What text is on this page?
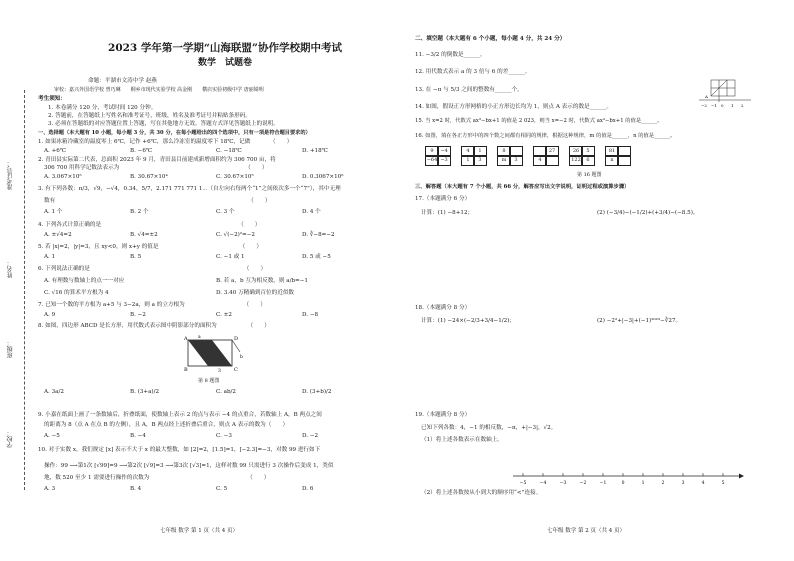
学校：
班级：
姓名：
准考证号：
2023 学年第一学期“山海联盟”协作学校期中考试
数学　试题卷
命题：平湖市文涛中学 赵燕
审校：嘉兴外国语学校 曾巧琳　　桐乡市现代实验学校 高金刚　　横店实验初级中学 唐丽婧明
考生须知：
1. 本卷满分 120 分，考试时间 120 分钟。
2. 答题前，在答题纸上写姓名和准考证号，班级，姓名及准考证号并粘贴条形码。
3. 必须在答题纸的对应答题位置上答题，写在其他地方无效。答题方式详见答题纸上的说明。
一、选择题（本大题有 10 小题，每小题 3 分，共 30 分，在每小题给出的四个选项中，只有一项是符合题目要求的）
1. 如果冰箱冷藏室的温度零上 6℃，记作 +6℃，那么冷冻室的温度零下 18℃，记做　　　　（　　）
A. +6℃	B. −6℃	C. −18℃	D. +18℃
2. 青田县实际第二代表，总面积 2023 年 9 月，青田县目前建成新增面积约为 306 700 亩，将
306 700 用科学记数法表示为　　　　　　　　　　　　　　　　　　　　　　　（　　）
A. 3.067×10⁵	B. 30.67×10⁴	C. 30.67×10⁵	D. 0.3067×10⁶
3. 有下列各数：π/3，√9，−√4，0.34，5/7，2.171 771 771 1⋯（自左向右每两个“1”之间依次多一个“7”），其中无理
数有　　　　　　　　　　　　　　　　　　　　　　　　　　　　　　　　　　　（　　）
A. 1 个	B. 2 个	C. 3 个	D. 4 个
4. 下列各式计算正确的是　　　　　　　　　　　　　　　　　　　　　　　　　（　　）
A. ±√4=2	B. √4=±2	C. √(−2)²=−2	D. ∛−8=−2
5. 若 |x|=2，|y|=3，且 xy<0，则 x+y 的值是　　　　　　　　　　　　　　　（　　）
A. 1	B. 5	C. −1 或 1	D. 5 或 −5
6. 下列说法正确的是　　　　　　　　　　　　　　　　　　　　　　　　　　　　（　　）
A. 有理数与数轴上的点一一对应	B. 若 a，b 互为相反数，则 a/b=−1
C. √16 的算术平方根为 4	D. 3.40 万精确到百位的近似数
7. 已知一个数的平方根为 a+5 与 3−2a，则 a 的立方根为　　　　　　　　　　　（　　）
A. 9	B. −2	C. ±2	D. −8
8. 如图，四边形 ABCD 是长方形，用代数式表示图中阴影部分的面积为　　　　　　（　　）
A	D
B	C
a
b
3
第 8 题图
A. 3a/2	B. (3+a)/2	C. ab/2	D. (3+b)/2
9. 小嘉在纸面上画了一条数轴后，折叠纸面，使数轴上表示 2 的点与表示 −4 的点重合，若数轴上 A，B 两点之间
的距离为 8（点 A 在点 B 的左侧），且 A，B 两点经上述折叠后重合，则点 A 表示的数为（　　）
A. −5	B. −4	C. −3	D. −2
10. 对于实数 x，我们规定 [x] 表示不大于 x 的最大整数，如 [2]=2，[1.5]=1，[−2.3]=−3，对数 99 进行如下
操作：99 ⟶第1次 [√99]=9 ⟶第2次 [√9]=3 ⟶第3次 [√3]=1，这样对数 99 只需进行 3 次操作后变成 1，类似
地，数 520 至少 1 需要进行操作的次数为　　　　　　　　　　　　　　　　　　（　　）
A. 3	B. 4	C. 5	D. 6
七年级 数学 第 1 页（共 4 页）
二、填空题（本大题有 6 个小题，每小题 4 分，共 24 分）
11. −3/2 的倒数是______。
12. 用代数式表示 a 的 3 倍与 6 的差______。
13. 在 −π 与 5/3 之间的整数有______个。
−2 −1 0 1 2
A
14. 如图，假设正方形网格的小正方形边长均为 1，则点 A 表示的数是______。
15. 当 x=2 时，代数式 ax³−bx+1 的值是 2 023，则当 x=−2 时，代数式 ax³−bx+1 的值是______。
16. 如图，填在各正方形中的四个数之间都有相同的规律，根据这种规律，m 的值是______，n 的值是______。
9	−4
−64 −3
4	1
1	3
8
m	3
27
4
26	5
122	6
81
n
第 16 题图
三、解答题（本大题有 7 个小题，共 66 分，解答应写出文字说明，证明过程或演算步骤）
17.（本题满分 6 分）
计算：(1) −8+12；	(2) (−3/4)−(−1/2)+(+3/4)−(−8.5)。
18.（本题满分 8 分）
计算：(1) −24×(−2/3+3/4−1/2)；	(2) −2²+|−3|+(−1)²⁰²³−∛27。
19.（本题满分 8 分）
已知下列各数：4，−1 的相反数，−π，+|−3|，√2。
（1）将上述各数表示在数轴上。
−5	−4	−3	−2	−1	0	1	2	3	4	5
（2）将上述各数按从小到大的顺序用“<”连接。
七年级 数学 第 2 页（共 4 页）
